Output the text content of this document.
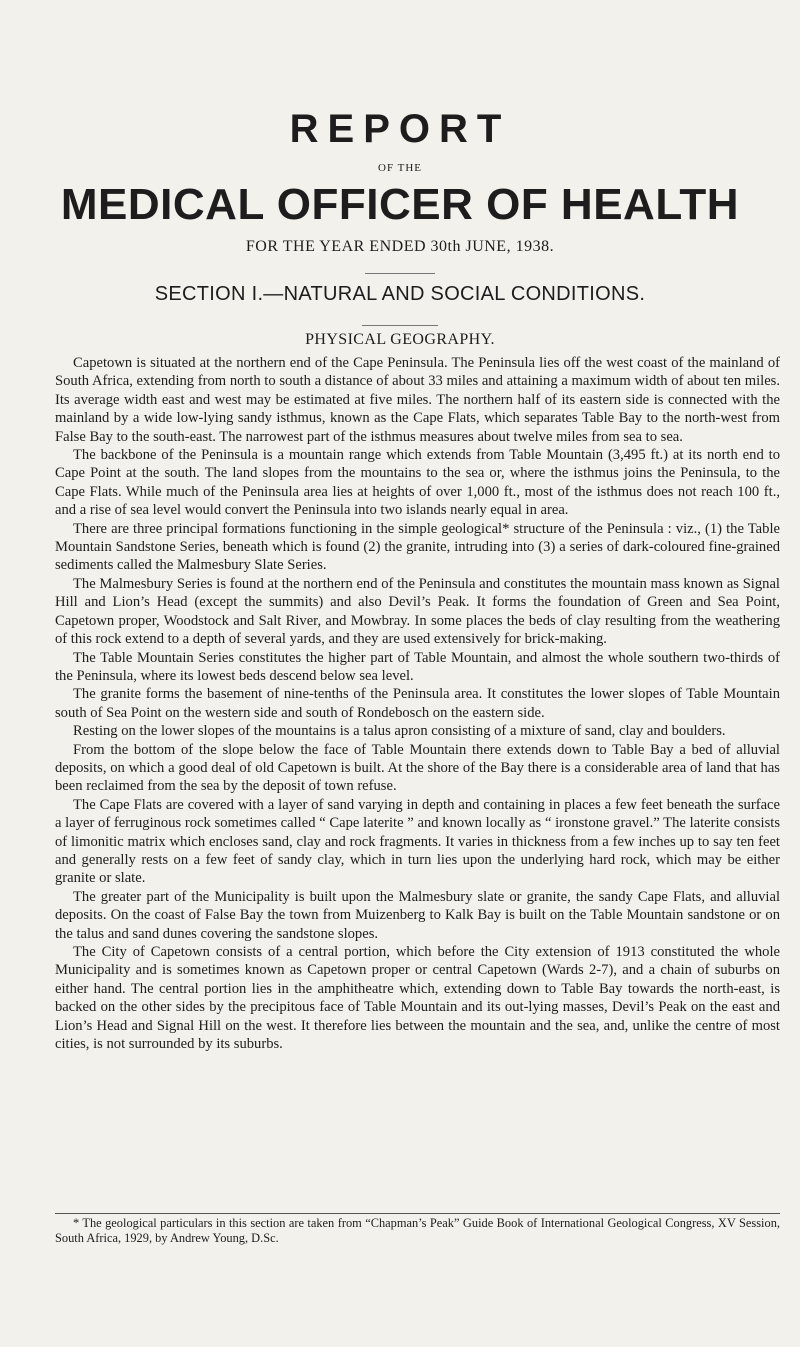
REPORT
OF THE
MEDICAL OFFICER OF HEALTH
FOR THE YEAR ENDED 30th JUNE, 1938.
SECTION I.—NATURAL AND SOCIAL CONDITIONS.
PHYSICAL GEOGRAPHY.

Capetown is situated at the northern end of the Cape Peninsula. The Peninsula lies off the west coast of the mainland of South Africa, extending from north to south a distance of about 33 miles and attaining a maximum width of about ten miles. Its average width east and west may be estimated at five miles. The northern half of its eastern side is connected with the mainland by a wide low-lying sandy isthmus, known as the Cape Flats, which separates Table Bay to the north-west from False Bay to the south-east. The narrowest part of the isthmus measures about twelve miles from sea to sea.

The backbone of the Peninsula is a mountain range which extends from Table Mountain (3,495 ft.) at its north end to Cape Point at the south. The land slopes from the mountains to the sea or, where the isthmus joins the Peninsula, to the Cape Flats. While much of the Peninsula area lies at heights of over 1,000 ft., most of the isthmus does not reach 100 ft., and a rise of sea level would convert the Peninsula into two islands nearly equal in area.

There are three principal formations functioning in the simple geological* structure of the Peninsula : viz., (1) the Table Mountain Sandstone Series, beneath which is found (2) the granite, intruding into (3) a series of dark-coloured fine-grained sediments called the Malmesbury Slate Series.

The Malmesbury Series is found at the northern end of the Peninsula and constitutes the mountain mass known as Signal Hill and Lion’s Head (except the summits) and also Devil’s Peak. It forms the foundation of Green and Sea Point, Capetown proper, Woodstock and Salt River, and Mowbray. In some places the beds of clay resulting from the weathering of this rock extend to a depth of several yards, and they are used extensively for brick-making.

The Table Mountain Series constitutes the higher part of Table Mountain, and almost the whole southern two-thirds of the Peninsula, where its lowest beds descend below sea level.

The granite forms the basement of nine-tenths of the Peninsula area. It constitutes the lower slopes of Table Mountain south of Sea Point on the western side and south of Rondebosch on the eastern side.

Resting on the lower slopes of the mountains is a talus apron consisting of a mixture of sand, clay and boulders.

From the bottom of the slope below the face of Table Mountain there extends down to Table Bay a bed of alluvial deposits, on which a good deal of old Capetown is built. At the shore of the Bay there is a considerable area of land that has been reclaimed from the sea by the deposit of town refuse.

The Cape Flats are covered with a layer of sand varying in depth and containing in places a few feet beneath the surface a layer of ferruginous rock sometimes called “ Cape laterite ” and known locally as “ ironstone gravel.” The laterite consists of limonitic matrix which encloses sand, clay and rock fragments. It varies in thickness from a few inches up to say ten feet and generally rests on a few feet of sandy clay, which in turn lies upon the underlying hard rock, which may be either granite or slate.

The greater part of the Municipality is built upon the Malmesbury slate or granite, the sandy Cape Flats, and alluvial deposits. On the coast of False Bay the town from Muizenberg to Kalk Bay is built on the Table Mountain sandstone or on the talus and sand dunes covering the sandstone slopes.

The City of Capetown consists of a central portion, which before the City extension of 1913 constituted the whole Municipality and is sometimes known as Capetown proper or central Capetown (Wards 2-7), and a chain of suburbs on either hand. The central portion lies in the amphitheatre which, extending down to Table Bay towards the north-east, is backed on the other sides by the precipitous face of Table Mountain and its out-lying masses, Devil’s Peak on the east and Lion’s Head and Signal Hill on the west. It therefore lies between the mountain and the sea, and, unlike the centre of most cities, is not surrounded by its suburbs.

* The geological particulars in this section are taken from “Chapman’s Peak” Guide Book of International Geological Congress, XV Session, South Africa, 1929, by Andrew Young, D.Sc.
